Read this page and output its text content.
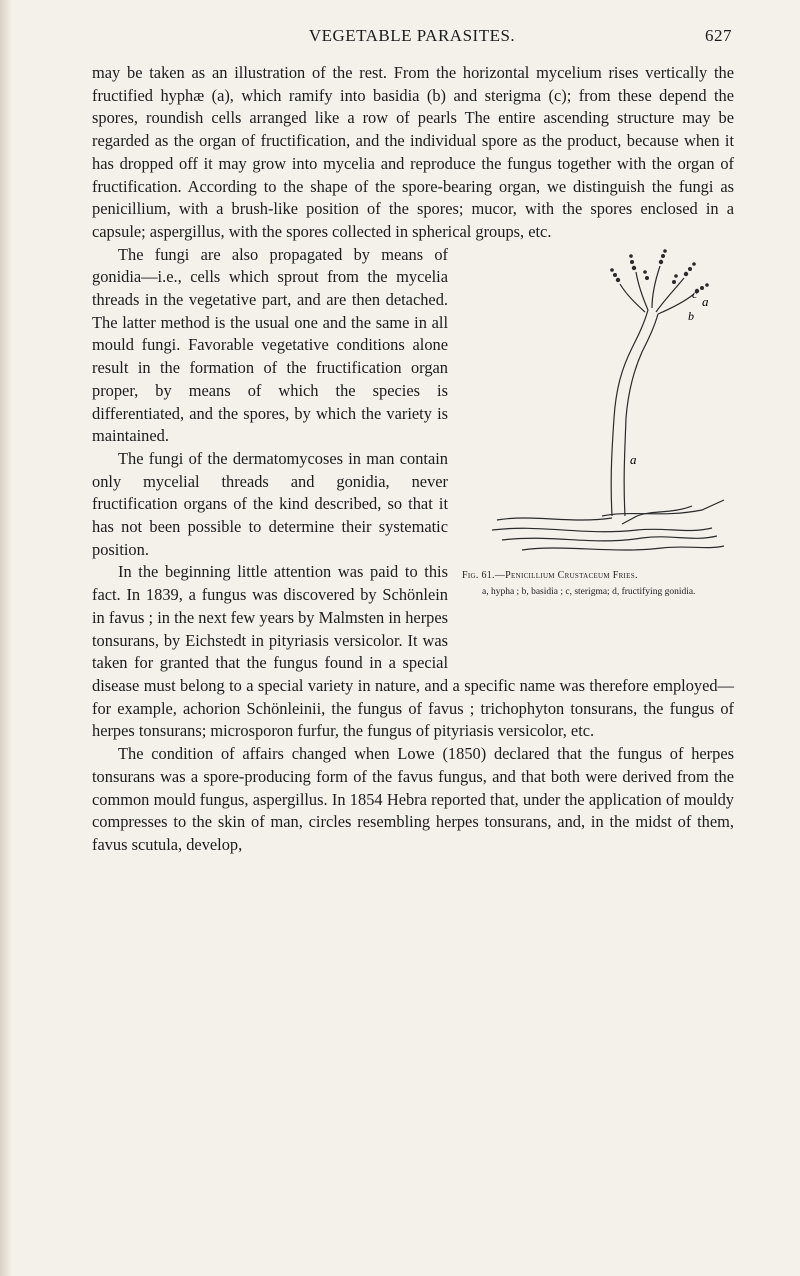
VEGETABLE PARASITES.	627

may be taken as an illustration of the rest. From the horizontal mycelium rises vertically the fructified hyphæ (a), which ramify into basidia (b) and sterigma (c); from these depend the spores, roundish cells arranged like a row of pearls The entire ascending structure may be regarded as the organ of fructification, and the individual spore as the product, because when it has dropped off it may grow into mycelia and reproduce the fungus together with the organ of fructification. According to the shape of the spore-bearing organ, we distinguish the fungi as penicillium, with a brush-like position of the spores; mucor, with the spores enclosed in a capsule; aspergillus, with the spores collected in spherical groups, etc.

a
b
c
a
Fig. 61.—Penicillium Crustaceum Fries.
a, hypha ; b, basidia ; c, sterigma; d, fructifying gonidia.

The fungi are also propagated by means of gonidia—i.e., cells which sprout from the mycelia threads in the vegetative part, and are then detached. The latter method is the usual one and the same in all mould fungi. Favorable vegetative conditions alone result in the formation of the fructification organ proper, by means of which the species is differentiated, and the spores, by which the variety is maintained.

The fungi of the dermatomycoses in man contain only mycelial threads and gonidia, never fructification organs of the kind described, so that it has not been possible to determine their systematic position.

In the beginning little attention was paid to this fact. In 1839, a fungus was discovered by Schönlein in favus ; in the next few years by Malmsten in herpes tonsurans, by Eichstedt in pityriasis versicolor. It was taken for granted that the fungus found in a special disease must belong to a special variety in nature, and a specific name was therefore employed—for example, achorion Schönleinii, the fungus of favus ; trichophyton tonsurans, the fungus of herpes tonsurans; microsporon furfur, the fungus of pityriasis versicolor, etc.

The condition of affairs changed when Lowe (1850) declared that the fungus of herpes tonsurans was a spore-producing form of the favus fungus, and that both were derived from the common mould fungus, aspergillus. In 1854 Hebra reported that, under the application of mouldy compresses to the skin of man, circles resembling herpes tonsurans, and, in the midst of them, favus scutula, develop,
